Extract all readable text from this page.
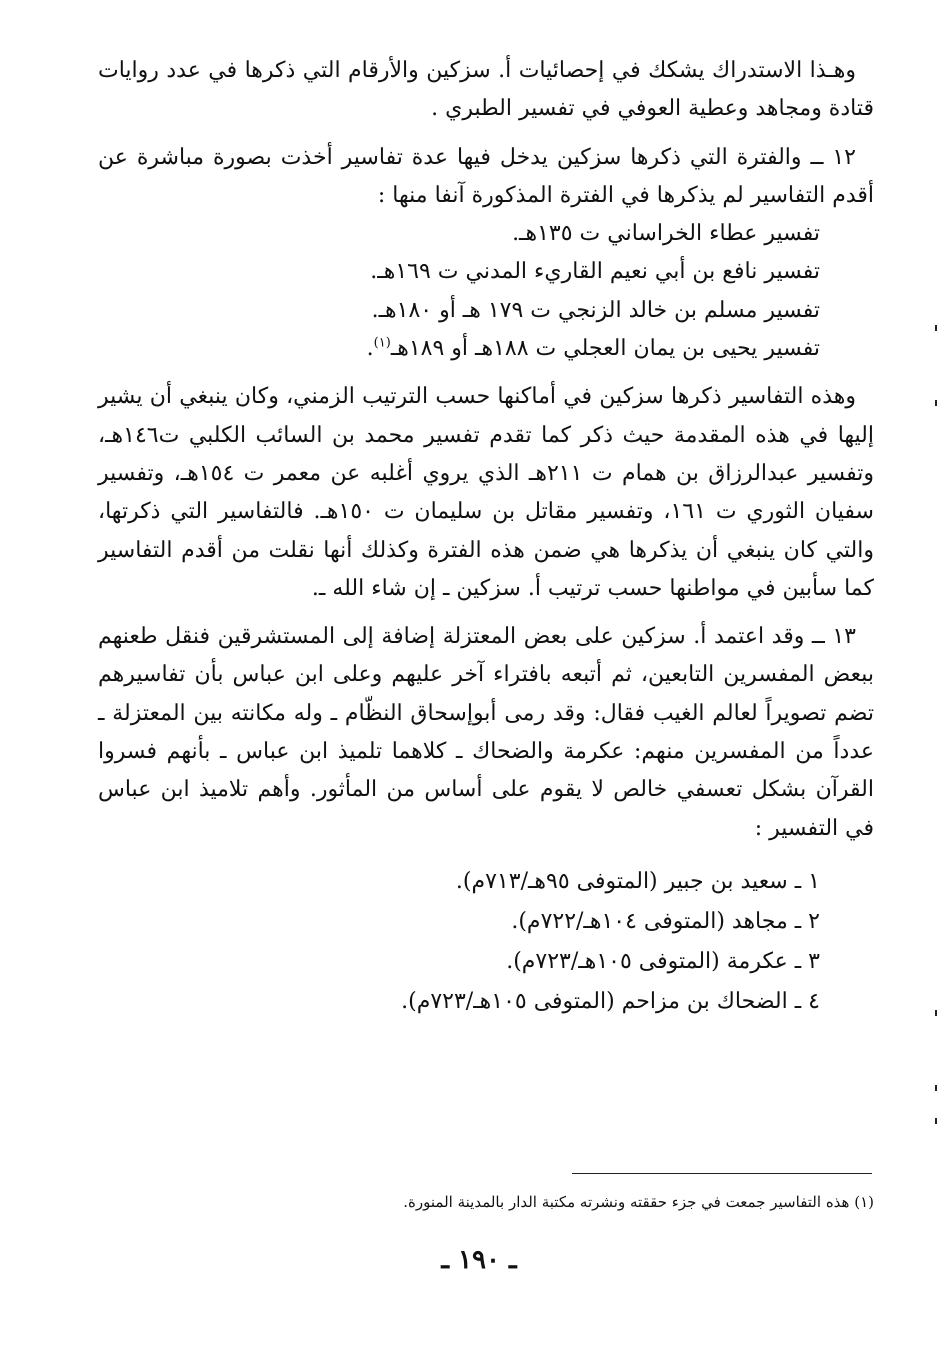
وهـذا الاستدراك يشكك في إحصائيات أ. سزكين والأرقام التي ذكرها في عدد روايات قتادة ومجاهد وعطية العوفي في تفسير الطبري .

١٢ ــ والفترة التي ذكرها سزكين يدخل فيها عدة تفاسير أخذت بصورة مباشرة عن أقدم التفاسير لم يذكرها في الفترة المذكورة آنفا منها :

تفسير عطاء الخراساني ت ١٣٥هـ.
تفسير نافع بن أبي نعيم القاريء المدني ت ١٦٩هـ.
تفسير مسلم بن خالد الزنجي ت ١٧٩ هـ أو ١٨٠هـ.
تفسير يحيى بن يمان العجلي ت ١٨٨هـ أو ١٨٩هـ$^{(١)}$.

وهذه التفاسير ذكرها سزكين في أماكنها حسب الترتيب الزمني، وكان ينبغي أن يشير إليها في هذه المقدمة حيث ذكر كما تقدم تفسير محمد بن السائب الكلبي ت١٤٦هـ، وتفسير عبدالرزاق بن همام ت ٢١١هـ الذي يروي أغلبه عن معمر ت ١٥٤هـ، وتفسير سفيان الثوري ت ١٦١، وتفسير مقاتل بن سليمان ت ١٥٠هـ. فالتفاسير التي ذكرتها، والتي كان ينبغي أن يذكرها هي ضمن هذه الفترة وكذلك أنها نقلت من أقدم التفاسير كما سأبين في مواطنها حسب ترتيب أ. سزكين ـ إن شاء الله ـ.

١٣ ــ وقد اعتمد أ. سزكين على بعض المعتزلة إضافة إلى المستشرقين فنقل طعنهم ببعض المفسرين التابعين، ثم أتبعه بافتراء آخر عليهم وعلى ابن عباس بأن تفاسيرهم تضم تصويراً لعالم الغيب فقال: وقد رمى أبوإسحاق النظّام ـ وله مكانته بين المعتزلة ـ عدداً من المفسرين منهم: عكرمة والضحاك ـ كلاهما تلميذ ابن عباس ـ بأنهم فسروا القرآن بشكل تعسفي خالص لا يقوم على أساس من المأثور. وأهم تلاميذ ابن عباس في التفسير :

١ ـ سعيد بن جبير (المتوفى ٩٥هـ/٧١٣م).
٢ ـ مجاهد (المتوفى ١٠٤هـ/٧٢٢م).
٣ ـ عكرمة (المتوفى ١٠٥هـ/٧٢٣م).
٤ ـ الضحاك بن مزاحم (المتوفى ١٠٥هـ/٧٢٣م).
(١) هذه التفاسير جمعت في جزء حققته ونشرته مكتبة الدار بالمدينة المنورة.
ـ ١٩٠ ـ
